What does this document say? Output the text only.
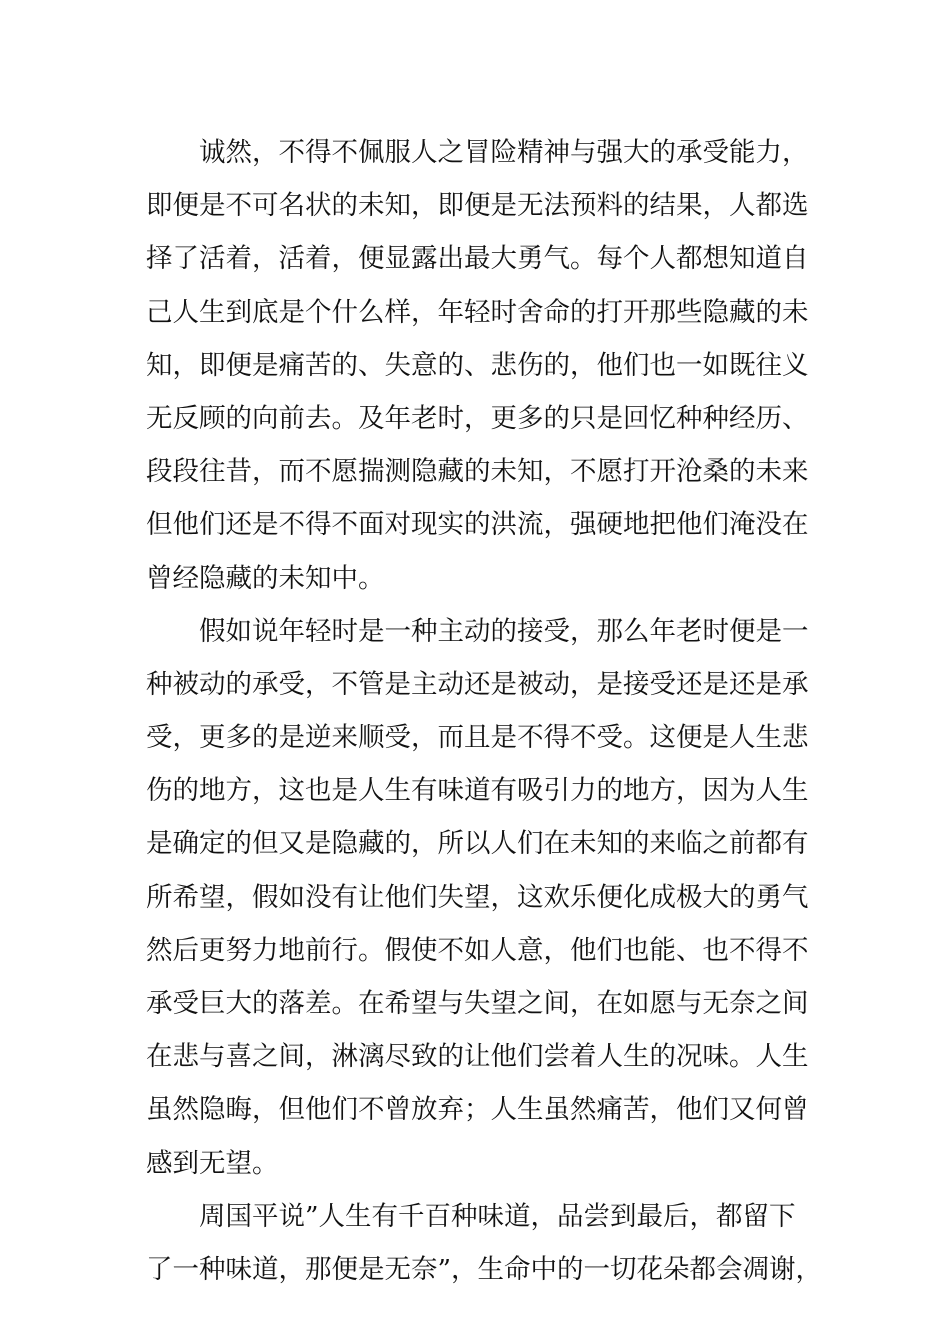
诚然，不得不佩服人之冒险精神与强大的承受能力，
即便是不可名状的未知，即便是无法预料的结果，人都选
择了活着，活着，便显露出最大勇气。每个人都想知道自
己人生到底是个什么样，年轻时舍命的打开那些隐藏的未
知，即便是痛苦的、失意的、悲伤的，他们也一如既往义
无反顾的向前去。及年老时，更多的只是回忆种种经历、
段段往昔，而不愿揣测隐藏的未知，不愿打开沧桑的未来
但他们还是不得不面对现实的洪流，强硬地把他们淹没在
曾经隐藏的未知中。
假如说年轻时是一种主动的接受，那么年老时便是一
种被动的承受，不管是主动还是被动，是接受还是还是承
受，更多的是逆来顺受，而且是不得不受。这便是人生悲
伤的地方，这也是人生有味道有吸引力的地方，因为人生
是确定的但又是隐藏的，所以人们在未知的来临之前都有
所希望，假如没有让他们失望，这欢乐便化成极大的勇气
然后更努力地前行。假使不如人意，他们也能、也不得不
承受巨大的落差。在希望与失望之间，在如愿与无奈之间
在悲与喜之间，淋漓尽致的让他们尝着人生的况味。人生
虽然隐晦，但他们不曾放弃；人生虽然痛苦，他们又何曾
感到无望。
周国平说”人生有千百种味道，品尝到最后，都留下
了一种味道，那便是无奈”，生命中的一切花朵都会凋谢，
